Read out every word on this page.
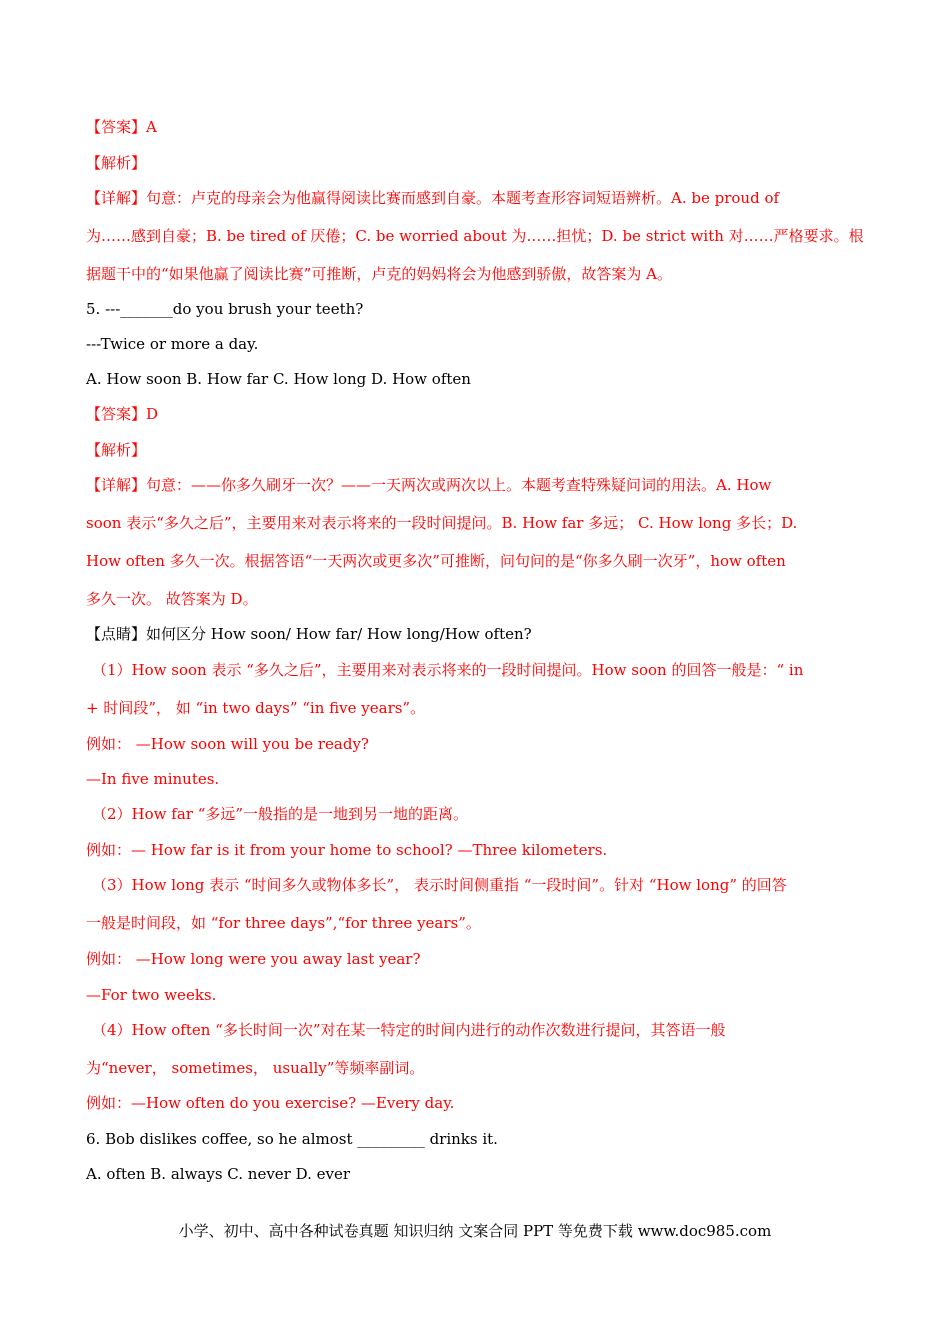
【答案】A
【解析】
【详解】句意：卢克的母亲会为他赢得阅读比赛而感到自豪。本题考查形容词短语辨析。A. be proud of
为……感到自豪；B. be tired of 厌倦；C. be worried about 为……担忧；D. be strict with 对……严格要求。根
据题干中的“如果他赢了阅读比赛”可推断，卢克的妈妈将会为他感到骄傲，故答案为 A。
5. ---_______do you brush your teeth?
---Twice or more a day.
A. How soon B. How far C. How long D. How often
【答案】D
【解析】
【详解】句意：——你多久刷牙一次？——一天两次或两次以上。本题考查特殊疑问词的用法。A. How
soon 表示“多久之后”，主要用来对表示将来的一段时间提问。B. How far 多远； C. How long 多长；D.
How often 多久一次。根据答语“一天两次或更多次”可推断，问句问的是“你多久刷一次牙”，how often
多久一次。 故答案为 D。
【点睛】如何区分 How soon/ How far/ How long/How often?
（1）How soon 表示 “多久之后”，主要用来对表示将来的一段时间提问。How soon 的回答一般是：“ in
+ 时间段”， 如 “in two days” “in five years”。
例如： —How soon will you be ready?
—In five minutes.
（2）How far “多远”一般指的是一地到另一地的距离。
例如：— How far is it from your home to school? —Three kilometers.
（3）How long 表示 “时间多久或物体多长”， 表示时间侧重指 “一段时间”。针对 “How long” 的回答
一般是时间段，如 “for three days”,“for three years”。
例如： —How long were you away last year?
—For two weeks.
（4）How often “多长时间一次”对在某一特定的时间内进行的动作次数进行提问，其答语一般
为“never， sometimes， usually”等频率副词。
例如：—How often do you exercise? —Every day.
6. Bob dislikes coffee, so he almost _________ drinks it.
A. often B. always C. never D. ever
小学、初中、高中各种试卷真题 知识归纳 文案合同 PPT 等免费下载 www.doc985.com
